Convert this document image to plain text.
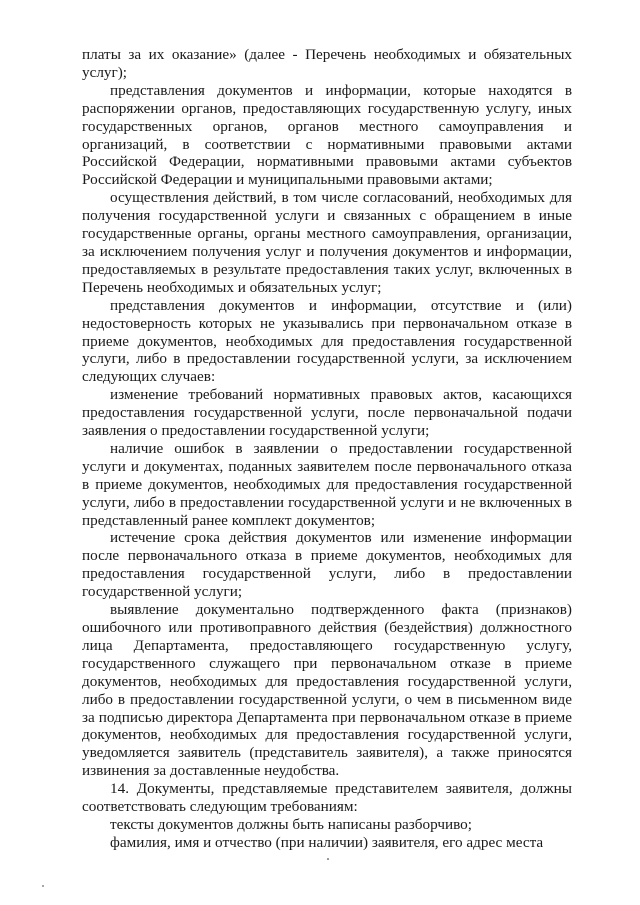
платы за их оказание» (далее - Перечень необходимых и обязательных услуг);

представления документов и информации, которые находятся в распоряжении органов, предоставляющих государственную услугу, иных государственных органов, органов местного самоуправления и организаций, в соответствии с нормативными правовыми актами Российской Федерации, нормативными правовыми актами субъектов Российской Федерации и муниципальными правовыми актами;

осуществления действий, в том числе согласований, необходимых для получения государственной услуги и связанных с обращением в иные государственные органы, органы местного самоуправления, организации, за исключением получения услуг и получения документов и информации, предоставляемых в результате предоставления таких услуг, включенных в Перечень необходимых и обязательных услуг;

представления документов и информации, отсутствие и (или) недостоверность которых не указывались при первоначальном отказе в приеме документов, необходимых для предоставления государственной услуги, либо в предоставлении государственной услуги, за исключением следующих случаев:

изменение требований нормативных правовых актов, касающихся предоставления государственной услуги, после первоначальной подачи заявления о предоставлении государственной услуги;

наличие ошибок в заявлении о предоставлении государственной услуги и документах, поданных заявителем после первоначального отказа в приеме документов, необходимых для предоставления государственной услуги, либо в предоставлении государственной услуги и не включенных в представленный ранее комплект документов;

истечение срока действия документов или изменение информации после первоначального отказа в приеме документов, необходимых для предоставления государственной услуги, либо в предоставлении государственной услуги;

выявление документально подтвержденного факта (признаков) ошибочного или противоправного действия (бездействия) должностного лица Департамента, предоставляющего государственную услугу, государственного служащего при первоначальном отказе в приеме документов, необходимых для предоставления государственной услуги, либо в предоставлении государственной услуги, о чем в письменном виде за подписью директора Департамента при первоначальном отказе в приеме документов, необходимых для предоставления государственной услуги, уведомляется заявитель (представитель заявителя), а также приносятся извинения за доставленные неудобства.

14. Документы, представляемые представителем заявителя, должны соответствовать следующим требованиям:

тексты документов должны быть написаны разборчиво;

фамилия, имя и отчество (при наличии) заявителя, его адрес места
